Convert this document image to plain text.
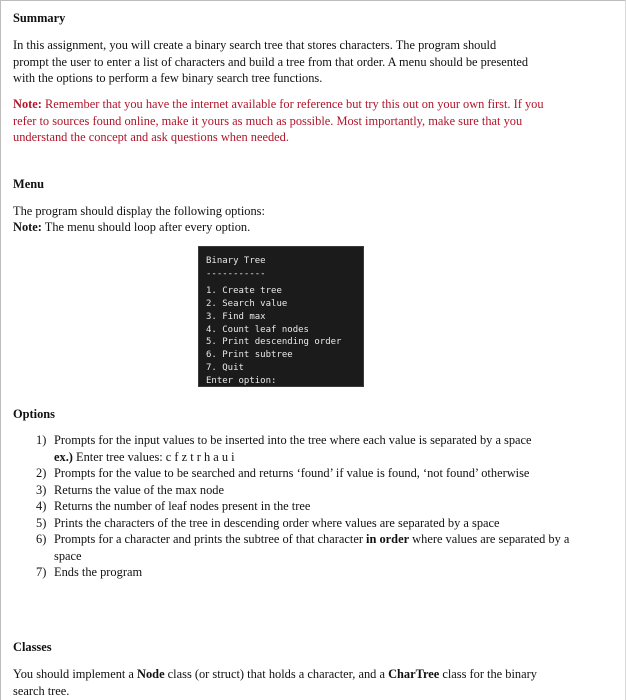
Summary

In this assignment, you will create a binary search tree that stores characters. The program should prompt the user to enter a list of characters and build a tree from that order. A menu should be presented with the options to perform a few binary search tree functions.

Note: Remember that you have the internet available for reference but try this out on your own first. If you refer to sources found online, make it yours as much as possible. Most importantly, make sure that you understand the concept and ask questions when needed.

Menu

The program should display the following options:

Note: The menu should loop after every option.

Binary Tree
-----------
1. Create tree
2. Search value
3. Find max
4. Count leaf nodes
5. Print descending order
6. Print subtree
7. Quit
Enter option:
Options
1) Prompts for the input values to be inserted into the tree where each value is separated by a space
ex.) Enter tree values: c f z t r h a u i
2) Prompts for the value to be searched and returns ‘found’ if value is found, ‘not found’ otherwise
3) Returns the value of the max node
4) Returns the number of leaf nodes present in the tree
5) Prints the characters of the tree in descending order where values are separated by a space
6) Prompts for a character and prints the subtree of that character in order where values are separated by a space
7) Ends the program
Classes

You should implement a Node class (or struct) that holds a character, and a CharTree class for the binary search tree.
